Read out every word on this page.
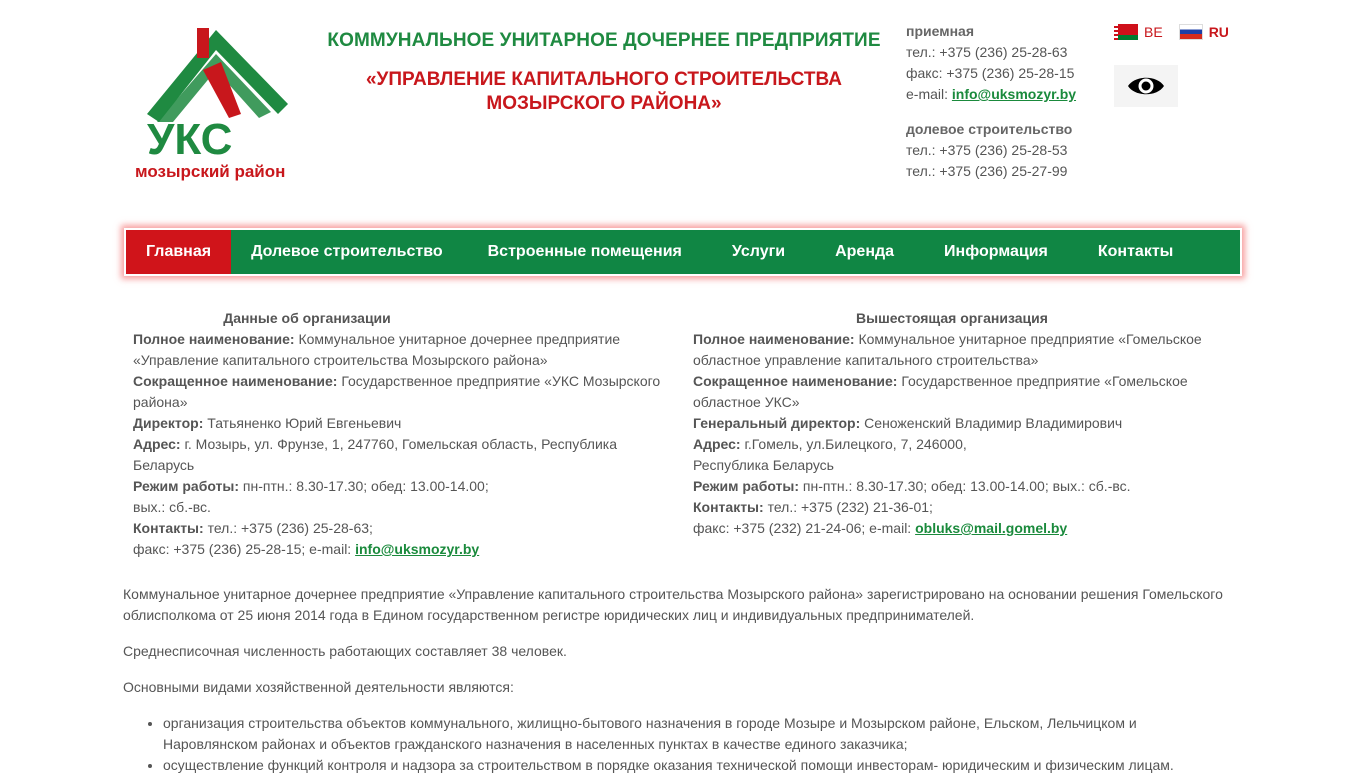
УКС
мозырский район
КОММУНАЛЬНОЕ УНИТАРНОЕ ДОЧЕРНЕЕ ПРЕДПРИЯТИЕ
«УПРАВЛЕНИЕ КАПИТАЛЬНОГО СТРОИТЕЛЬСТВА
МОЗЫРСКОГО РАЙОНА»
приемная
тел.: +375 (236) 25-28-63
факс: +375 (236) 25-28-15
e-mail: info@uksmozyr.by
долевое строительство
тел.: +375 (236) 25-28-53
тел.: +375 (236) 25-27-99
BE	RU
Главная	Долевое строительство	Встроенные помещения	Услуги	Аренда	Информация	Контакты
Данные об организации
Полное наименование: Коммунальное унитарное дочернее предприятие «Управление капитального строительства Мозырского района»
Сокращенное наименование: Государственное предприятие «УКС Мозырского района»
Директор: Татьяненко Юрий Евгеньевич
Адрес: г. Мозырь, ул. Фрунзе, 1, 247760, Гомельская область, Республика Беларусь
Режим работы: пн-птн.: 8.30-17.30; обед: 13.00-14.00;
вых.: сб.-вс.
Контакты: тел.: +375 (236) 25-28-63;
факс: +375 (236) 25-28-15; e-mail: info@uksmozyr.by
Вышестоящая организация
Полное наименование: Коммунальное унитарное предприятие «Гомельское областное управление капитального строительства»
Сокращенное наименование: Государственное предприятие «Гомельское областное УКС»
Генеральный директор: Сеноженский Владимир Владимирович
Адрес: г.Гомель, ул.Билецкого, 7, 246000,
Республика Беларусь
Режим работы: пн-птн.: 8.30-17.30; обед: 13.00-14.00; вых.: сб.-вс.
Контакты: тел.: +375 (232) 21-36-01;
факс: +375 (232) 21-24-06; e-mail: obluks@mail.gomel.by

Коммунальное унитарное дочернее предприятие «Управление капитального строительства Мозырского района» зарегистрировано на основании решения Гомельского облисполкома от 25 июня 2014 года в Едином государственном регистре юридических лиц и индивидуальных предпринимателей.

Среднесписочная численность работающих составляет 38 человек.

Основными видами хозяйственной деятельности являются:

• организация строительства объектов коммунального, жилищно-бытового назначения в городе Мозыре и Мозырском районе, Ельском, Лельчицком и Наровлянском районах и объектов гражданского назначения в населенных пунктах в качестве единого заказчика;
• осуществление функций контроля и надзора за строительством в порядке оказания технической помощи инвесторам- юридическим и физическим лицам.
